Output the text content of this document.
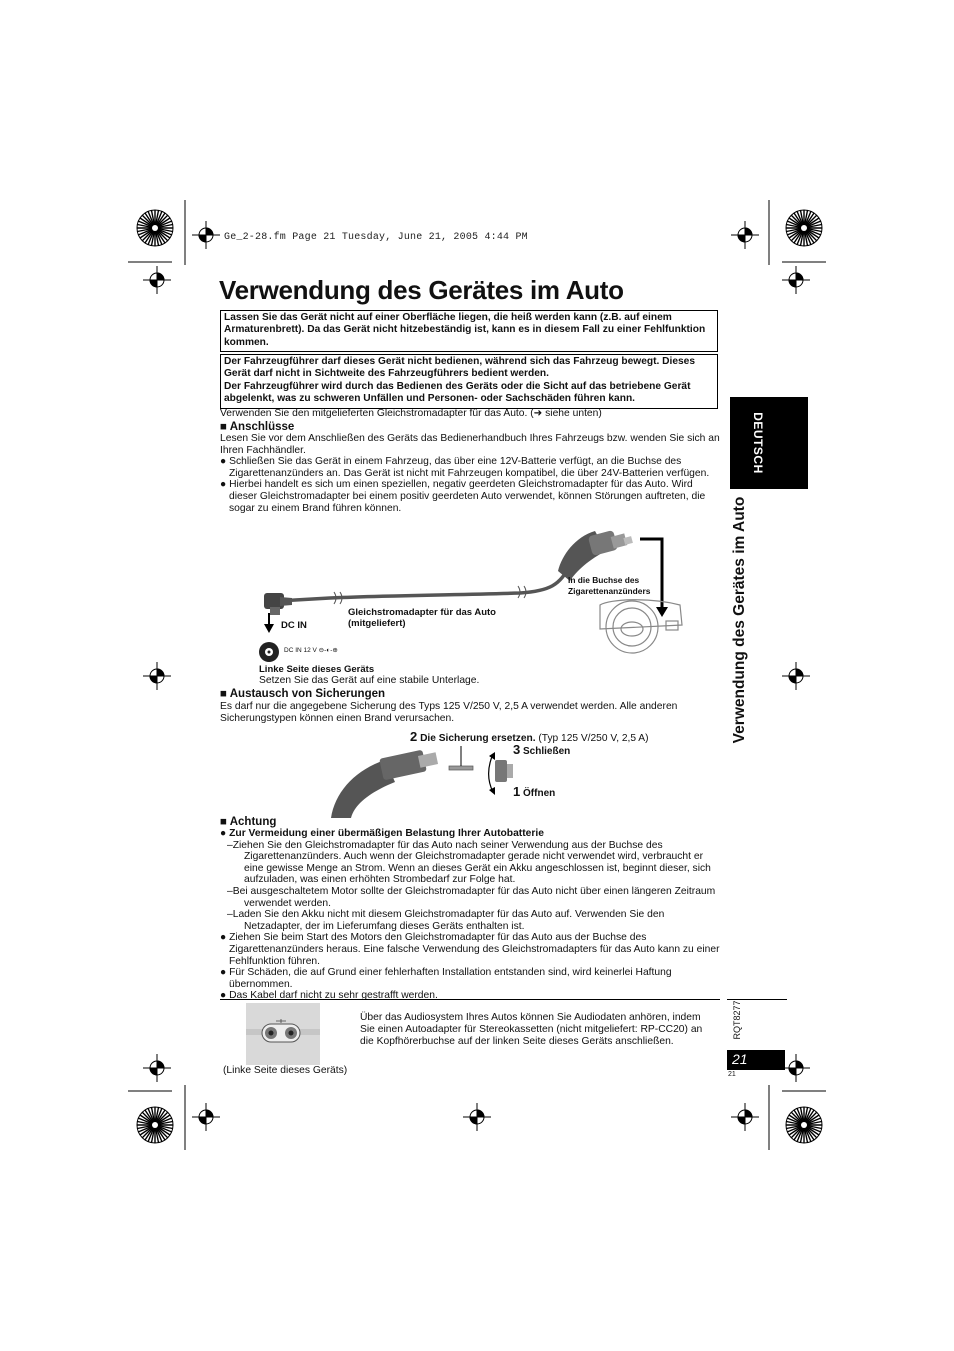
Ge_2-28.fm Page 21 Tuesday, June 21, 2005 4:44 PM
Verwendung des Gerätes im Auto
Lassen Sie das Gerät nicht auf einer Oberfläche liegen, die heiß werden kann (z.B. auf einem Armaturenbrett). Da das Gerät nicht hitzebeständig ist, kann es in diesem Fall zu einer Fehlfunktion kommen.
Der Fahrzeugführer darf dieses Gerät nicht bedienen, während sich das Fahrzeug bewegt. Dieses Gerät darf nicht in Sichtweite des Fahrzeugführers bedient werden.
Der Fahrzeugführer wird durch das Bedienen des Geräts oder die Sicht auf das betriebene Gerät abgelenkt, was zu schweren Unfällen und Personen- oder Sachschäden führen kann.
Verwenden Sie den mitgelieferten Gleichstromadapter für das Auto. (➜ siehe unten)
■ Anschlüsse
Lesen Sie vor dem Anschließen des Geräts das Bedienerhandbuch Ihres Fahrzeugs bzw. wenden Sie sich an Ihren Fachhändler.
● Schließen Sie das Gerät in einem Fahrzeug, das über eine 12V-Batterie verfügt, an die Buchse des Zigarettenanzünders an. Das Gerät ist nicht mit Fahrzeugen kompatibel, die über 24V-Batterien verfügen.
● Hierbei handelt es sich um einen speziellen, negativ geerdeten Gleichstromadapter für das Auto. Wird dieser Gleichstromadapter bei einem positiv geerdeten Auto verwendet, können Störungen auftreten, die sogar zu einem Brand führen können.
In die Buchse des
Zigarettenanzünders
Gleichstromadapter für das Auto
(mitgeliefert)
DC IN
DC IN 12 V ⊖-◐-⊕
Linke Seite dieses Geräts
Setzen Sie das Gerät auf eine stabile Unterlage.
■ Austausch von Sicherungen
Es darf nur die angegebene Sicherung des Typs 125 V/250 V, 2,5 A verwendet werden. Alle anderen Sicherungstypen können einen Brand verursachen.
2 Die Sicherung ersetzen. (Typ 125 V/250 V, 2,5 A)
3 Schließen
1 Öffnen
■ Achtung
● Zur Vermeidung einer übermäßigen Belastung Ihrer Autobatterie
–Ziehen Sie den Gleichstromadapter für das Auto nach seiner Verwendung aus der Buchse des Zigarettenanzünders. Auch wenn der Gleichstromadapter gerade nicht verwendet wird, verbraucht er eine gewisse Menge an Strom. Wenn an dieses Gerät ein Akku angeschlossen ist, beginnt dieser, sich aufzuladen, was einen erhöhten Strombedarf zur Folge hat.
–Bei ausgeschaltetem Motor sollte der Gleichstromadapter für das Auto nicht über einen längeren Zeitraum verwendet werden.
–Laden Sie den Akku nicht mit diesem Gleichstromadapter für das Auto auf. Verwenden Sie den Netzadapter, der im Lieferumfang dieses Geräts enthalten ist.
● Ziehen Sie beim Start des Motors den Gleichstromadapter für das Auto aus der Buchse des Zigarettenanzünders heraus. Eine falsche Verwendung des Gleichstromadapters für das Auto kann zu einer Fehlfunktion führen.
● Für Schäden, die auf Grund einer fehlerhaften Installation entstanden sind, wird keinerlei Haftung übernommen.
● Das Kabel darf nicht zu sehr gestrafft werden.
Über das Audiosystem Ihres Autos können Sie Audiodaten anhören, indem Sie einen Autoadapter für Stereokassetten (nicht mitgeliefert: RP-CC20) an die Kopfhörerbuchse auf der linken Seite dieses Geräts anschließen.
(Linke Seite dieses Geräts)
DEUTSCH
Verwendung des Gerätes im Auto
RQT8277
21
21
